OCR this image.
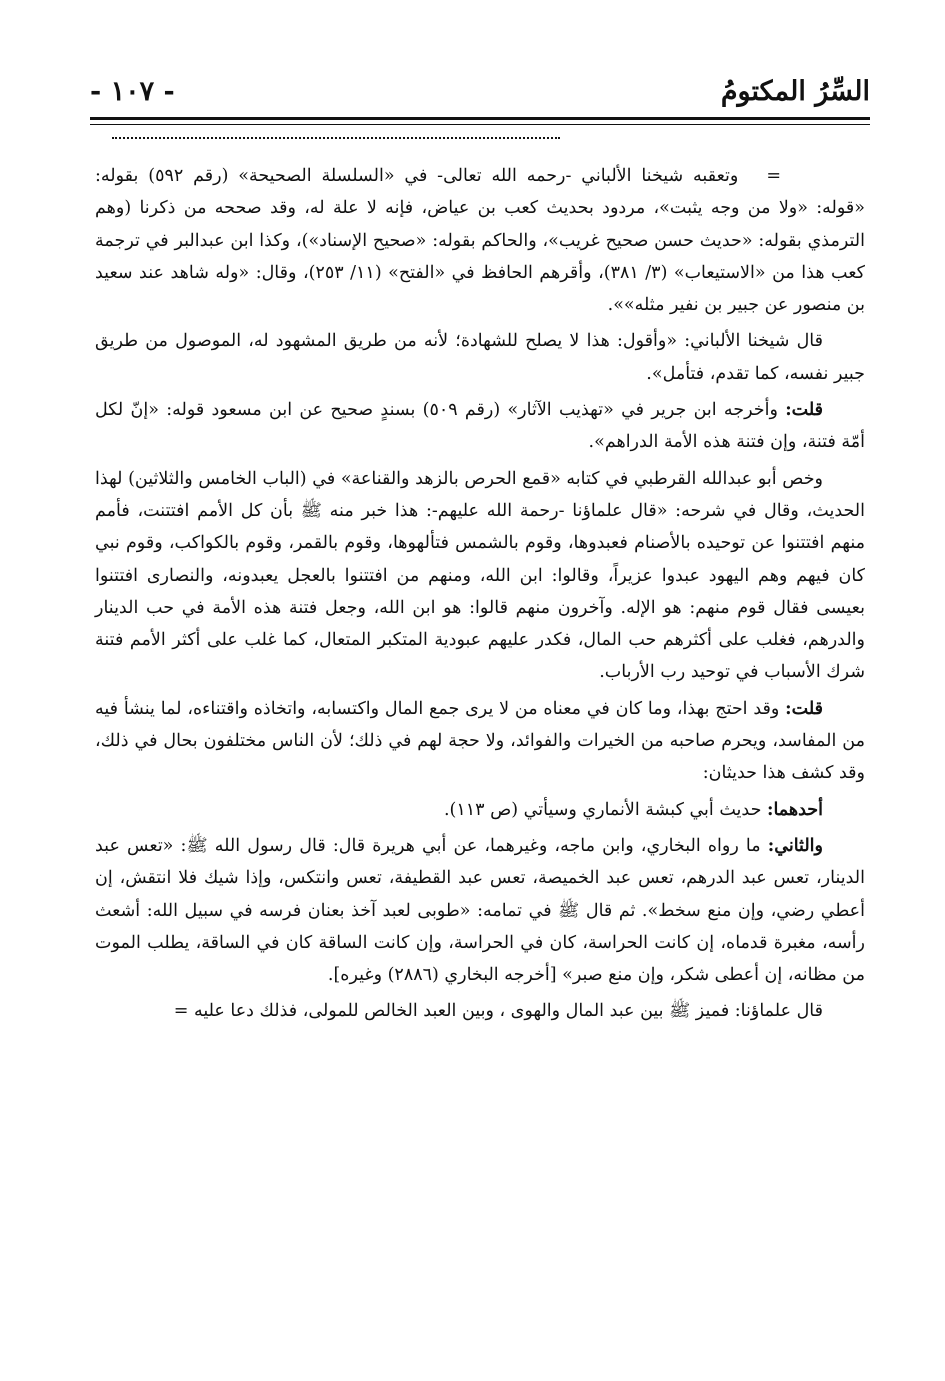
السِّرُ المكتومُ
- ١٠٧ -

=وتعقبه شيخنا الألباني -رحمه الله تعالى- في «السلسلة الصحيحة» (رقم ٥٩٢) بقوله: «قوله: «ولا من وجه يثبت»، مردود بحديث كعب بن عياض، فإنه لا علة له، وقد صححه من ذكرنا (وهم الترمذي بقوله: «حديث حسن صحيح غريب»، والحاكم بقوله: «صحيح الإسناد»)، وكذا ابن عبدالبر في ترجمة كعب هذا من «الاستيعاب» (٣/ ٣٨١)، وأقرهم الحافظ في «الفتح» (١١/ ٢٥٣)، وقال: «وله شاهد عند سعيد بن منصور عن جبير بن نفير مثله»».

قال شيخنا الألباني: «وأقول: هذا لا يصلح للشهادة؛ لأنه من طريق المشهود له، الموصول من طريق جبير نفسه، كما تقدم، فتأمل».

قلت: وأخرجه ابن جرير في «تهذيب الآثار» (رقم ٥٠٩) بسندٍ صحيح عن ابن مسعود قوله: «إنّ لكل أمّة فتنة، وإن فتنة هذه الأمة الدراهم».

وخص أبو عبدالله القرطبي في كتابه «قمع الحرص بالزهد والقناعة» في (الباب الخامس والثلاثين) لهذا الحديث، وقال في شرحه: «قال علماؤنا -رحمة الله عليهم-: هذا خبر منه ﷺ بأن كل الأمم افتتنت، فأمم منهم افتتنوا عن توحيده بالأصنام فعبدوها، وقوم بالشمس فتألهوها، وقوم بالقمر، وقوم بالكواكب، وقوم نبي كان فيهم وهم اليهود عبدوا عزيراً، وقالوا: ابن الله، ومنهم من افتتنوا بالعجل يعبدونه، والنصارى افتتنوا بعيسى فقال قوم منهم: هو الإله. وآخرون منهم قالوا: هو ابن الله، وجعل فتنة هذه الأمة في حب الدينار والدرهم، فغلب على أكثرهم حب المال، فكدر عليهم عبودية المتكبر المتعال، كما غلب على أكثر الأمم فتنة شرك الأسباب في توحيد رب الأرباب.

قلت: وقد احتج بهذا، وما كان في معناه من لا يرى جمع المال واكتسابه، واتخاذه واقتناءه، لما ينشأ فيه من المفاسد، ويحرم صاحبه من الخيرات والفوائد، ولا حجة لهم في ذلك؛ لأن الناس مختلفون بحال في ذلك، وقد كشف هذا حديثان:

أحدهما: حديث أبي كبشة الأنماري وسيأتي (ص ١١٣).

والثاني: ما رواه البخاري، وابن ماجه، وغيرهما، عن أبي هريرة قال: قال رسول الله ﷺ: «تعس عبد الدينار، تعس عبد الدرهم، تعس عبد الخميصة، تعس عبد القطيفة، تعس وانتكس، وإذا شيك فلا انتقش، إن أعطي رضي، وإن منع سخط». ثم قال ﷺ في تمامه: «طوبى لعبد آخذ بعنان فرسه في سبيل الله: أشعث رأسه، مغبرة قدماه، إن كانت الحراسة، كان في الحراسة، وإن كانت الساقة كان في الساقة، يطلب الموت من مظانه، إن أعطى شكر، وإن منع صبر» [أخرجه البخاري (٢٨٨٦) وغيره].

قال علماؤنا: فميز ﷺ بين عبد المال والهوى ، وبين العبد الخالص للمولى، فذلك دعا عليه =
